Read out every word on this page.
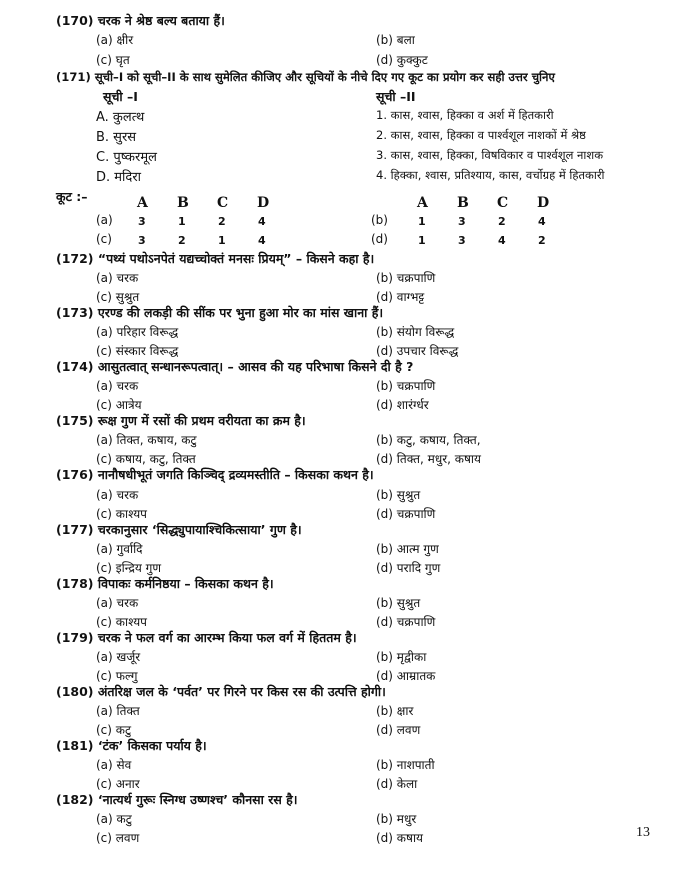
(170) चरक ने श्रेष्ठ बल्य बताया हैं।
(a) क्षीर	(b) बला
(c) घृत	(d) कुक्कुट
(171) सूची–I को सूची–II के साथ सुमेलित कीजिए और सूचियों के नीचे दिए गए कूट का प्रयोग कर सही उत्तर चुनिए
सूची –I	सूची –II
A. कुलत्थ	1. कास, श्वास, हिक्का व अर्श में हितकारी
B. सुरस	2. कास, श्वास, हिक्का व पार्श्वशूल नाशकों में श्रेष्ठ
C. पुष्करमूल	3. कास, श्वास, हिक्का, विषविकार व पार्श्वशूल नाशक
D. मदिरा	4. हिक्का, श्वास, प्रतिश्याय, कास, वर्चोग्रह में हितकारी
कूट :–	A B C D	A B C D
(a) 3	1	2	4	(b)	1	3	2	4
(c) 3	2	1	4	(d)	1	3	4	2
(172) “पथ्यं पथोऽनपेतं यद्यच्चोक्तं मनसः प्रियम्” – किसने कहा है।
(a) चरक	(b) चक्रपाणि
(c) सुश्रुत	(d) वाग्भट्ट
(173) एरण्ड की लकड़ी की सींक पर भुना हुआ मोर का मांस खाना हैं।
(a) परिहार विरूद्ध	(b) संयोग विरूद्ध
(c) संस्कार विरूद्ध	(d) उपचार विरूद्ध
(174) आसुतत्वात् सन्धानरूपत्वात्। – आसव की यह परिभाषा किसने दी है ?
(a) चरक	(b) चक्रपाणि
(c) आत्रेय	(d) शारंर्ग्धर
(175) रूक्ष गुण में रसों की प्रथम वरीयता का क्रम है।
(a) तिक्त, कषाय, कटु	(b) कटु, कषाय, तिक्त,
(c) कषाय, कटु, तिक्त	(d) तिक्त, मधुर, कषाय
(176) नानौषधीभूतं जगति किञ्चिद् द्रव्यमस्तीति – किसका कथन है।
(a) चरक	(b) सुश्रुत
(c) काश्यप	(d) चक्रपाणि
(177) चरकानुसार ‘सिद्ध्युपायाश्चिकित्साया’ गुण है।
(a) गुर्वादि	(b) आत्म गुण
(c) इन्द्रिय गुण	(d) परादि गुण
(178) विपाकः कर्मनिष्ठया – किसका कथन है।
(a) चरक	(b) सुश्रुत
(c) काश्यप	(d) चक्रपाणि
(179) चरक ने फल वर्ग का आरम्भ किया फल वर्ग में हिततम है।
(a) खर्जूर	(b) मृद्वीका
(c) फल्गु	(d) आम्रातक
(180) अंतरिक्ष जल के ‘पर्वत’ पर गिरने पर किस रस की उत्पत्ति होगी।
(a) तिक्त	(b) क्षार
(c) कटु	(d) लवण
(181) ‘टंक’ किसका पर्याय है।
(a) सेव	(b) नाशपाती
(c) अनार	(d) केला
(182) ‘नात्यर्थ गुरूः स्निग्ध उष्णश्च’ कौनसा रस है।
(a) कटु	(b) मधुर
(c) लवण	(d) कषाय	13
